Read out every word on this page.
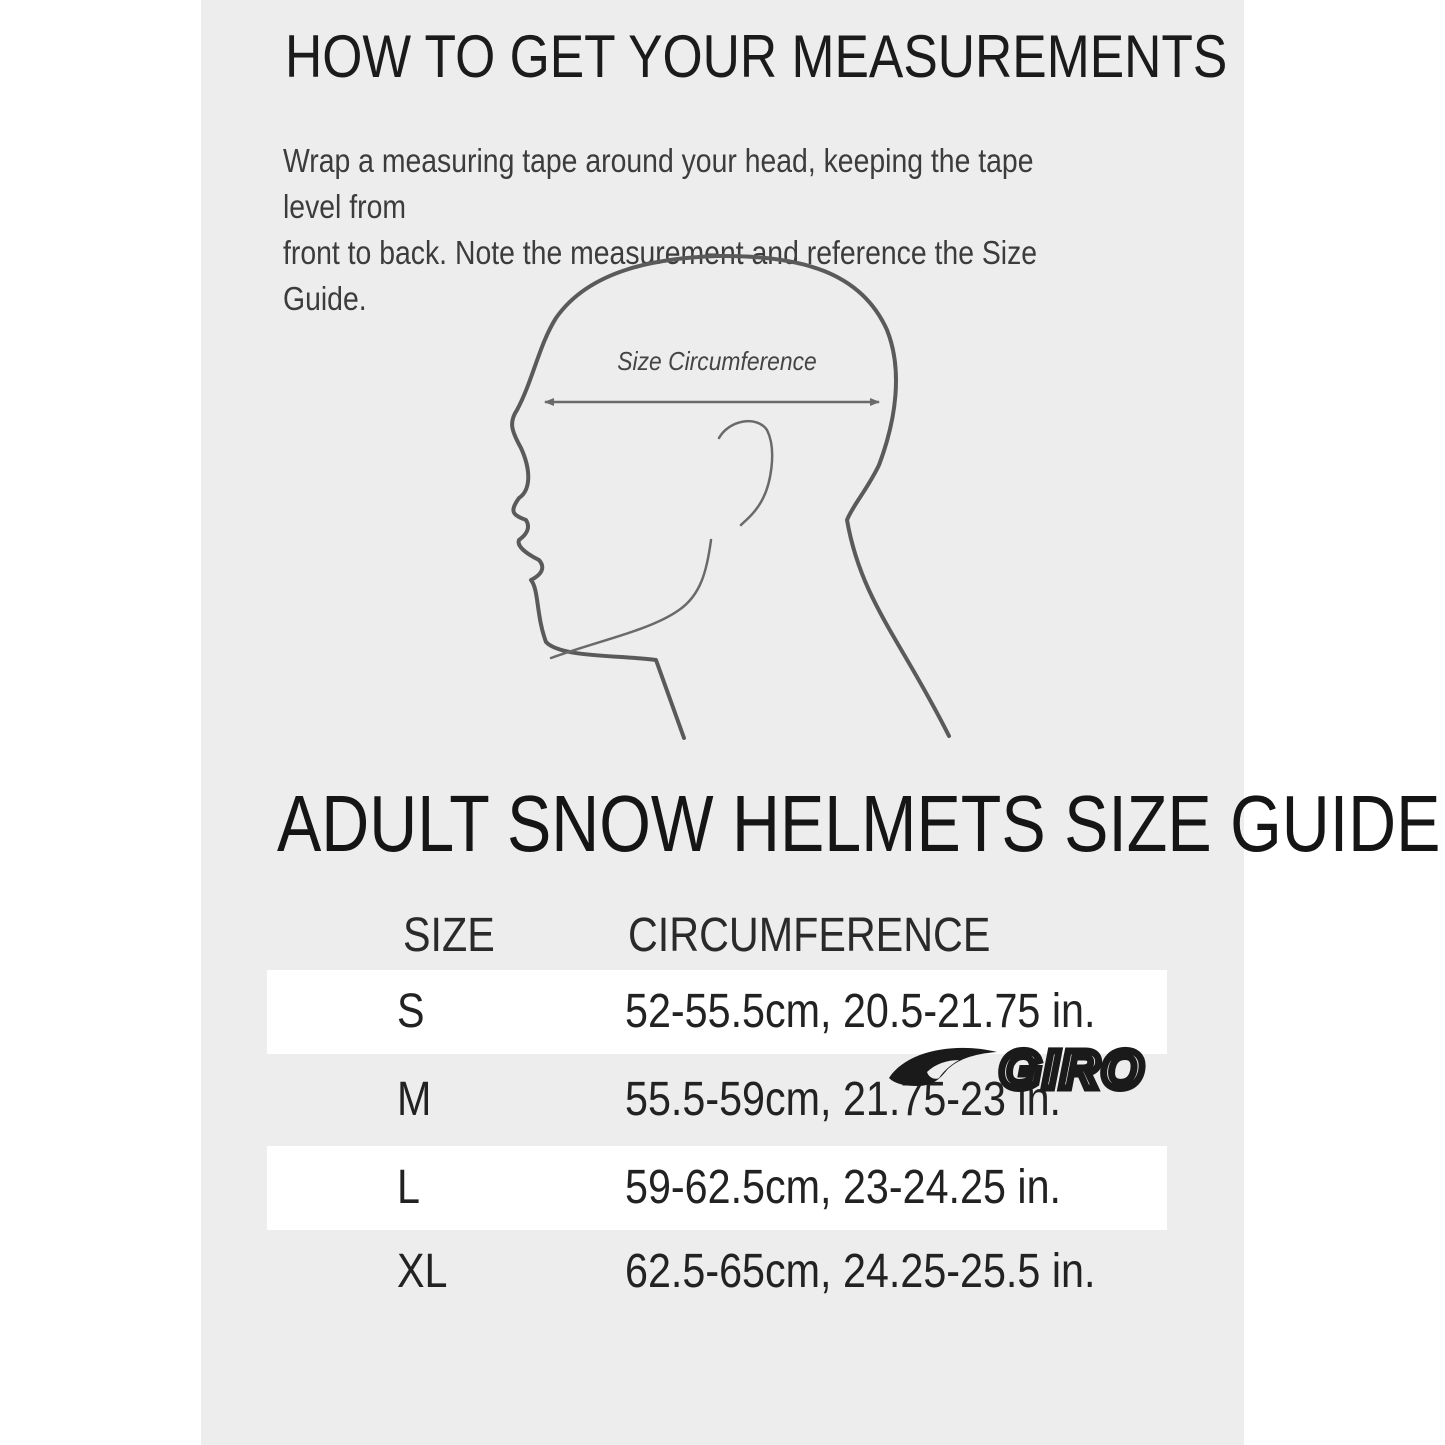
HOW TO GET YOUR MEASUREMENTS

Wrap a measuring tape around your head, keeping the tape level from
front to back. Note the measurement and reference the Size Guide.

Size Circumference
ADULT SNOW HELMETS SIZE GUIDE
SIZE	CIRCUMFERENCE
S	52-55.5cm, 20.5-21.75 in.
M	55.5-59cm, 21.75-23 in.
L	59-62.5cm, 23-24.25 in.
XL	62.5-65cm, 24.25-25.5 in.
GIRO
